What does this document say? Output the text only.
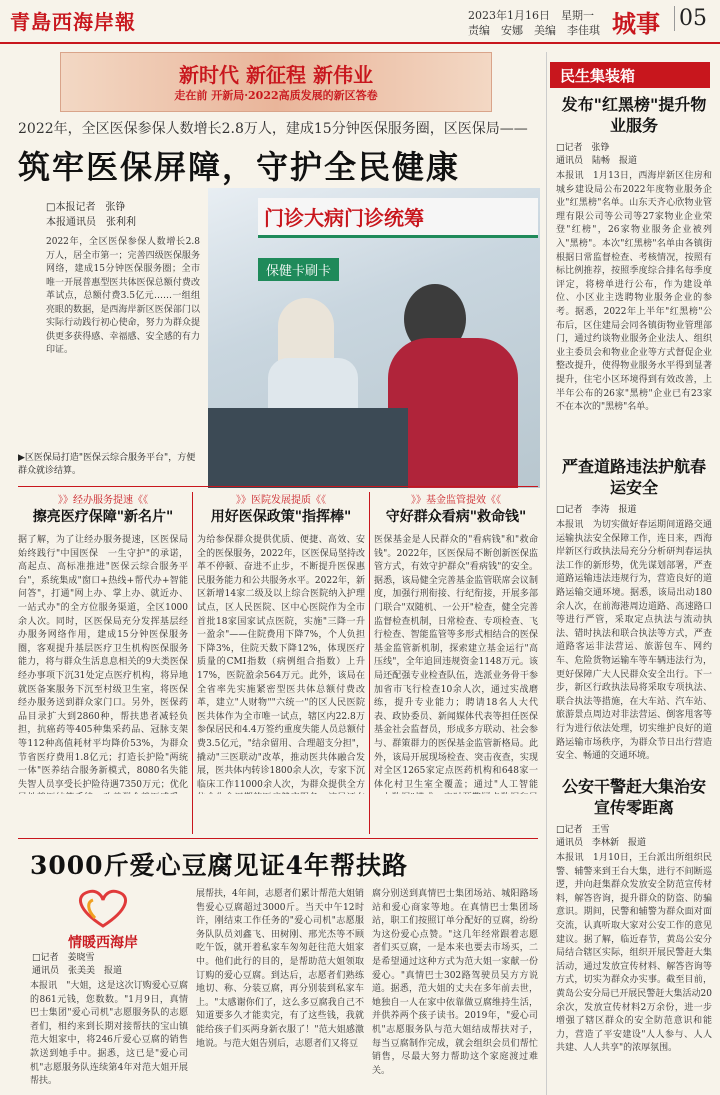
青島西海岸報	2023年1月16日　星期一
责编　安娜　美编　李佳琪 城事 05
新时代 新征程 新伟业
走在前 开新局·2022高质发展的新区答卷
2022年，全区医保参保人数增长2.8万人，建成15分钟医保服务圈，区医保局——
筑牢医保屏障，守护全民健康
□本报记者　张铮
本报通讯员　张利利
2022年，全区医保参保人数增长2.8万人，居全市第一；完善四级医保服务网络，建成15分钟医保服务圈；全市唯一开展普惠型医共体医保总额付费改革试点，总额付费3.5亿元……一组组亮眼的数据，是西海岸新区医保部门以实际行动践行初心使命，努力为群众提供更多获得感、幸福感、安全感的有力印证。
门诊大病门诊统筹
保健卡刷卡
▶区医保局打造"医保云综合服务平台"，方便群众就诊结算。
》》经办服务提速《《
擦亮医疗保障"新名片"
据了解，为了让经办服务提速，区医保局始终践行"中国医保　一生守护"的承诺，高起点、高标准推进"医保云综合服务平台"，系统集成"窗口+热线+帮代办+智能问答"，打通"网上办、掌上办、就近办、一站式办"的全方位服务渠道，全区1000余人次。同时，区医保局充分发挥基层经办服务网络作用，建成15分钟医保服务圈，客观提升基层医疗卫生机构医保服务能力，将与群众生活息息相关的9大类医保经办事项下沉31处定点医疗机构，将异地就医备案服务下沉至村级卫生室，将医保经办服务送到群众家门口。另外，医保药品目录扩大到2860种，帮扶患者减轻负担，抗癌药等405种集采药品、冠脉支架等112种高值耗材平均降价53%，为群众节省医疗费用1.8亿元；打造长护险"两统一体"医养结合服务新模式，8080名失能失智人员享受长护险待遇7350万元；优化
》》医院发展提质《《
用好医保政策"指挥棒"
为给参保群众提供优质、便捷、高效、安全的医保服务，2022年，区医保局坚持改革不停顿、奋进不止步，不断提升医保惠民服务能力和公共服务水平。2022年，新区新增14家二级及以上综合医院纳入护理试点，区人民医院、区中心医院作为全市首批18家国家试点医院，实施"三降一升一盈余"——住院费用下降7%，个人负担下降3%，住院天数下降12%，体现医疗质量的CMI指数（病例组合指数）上升17%，医院盈余564万元。此外，该局在全省率先实施紧密型医共体总额付费改革，建立"人财物""六统一"的区人民医院医共体作为全市唯一试点，辖区内22.8万参保居民和4.4万签约重度失能人员总额付费3.5亿元，"结余留用、合理超支分担"，撬动"三医联动"改革，推动医共体融合发展，医共体内转诊1800余人次，专家下沉临床工作11000余人次，为群众提供全方
》》基金监管提效《《
守好群众看病"救命钱"
医保基金是人民群众的"看病钱"和"救命钱"。2022年，区医保局不断创新医保监管方式，有效守护群众"看病钱"的安全。据悉，该局健全完善基金监管联席会议制度，加强行刑衔接、行纪衔接，开展多部门联合"双随机、一公开"检查，健全完善监督检查机制，日常检查、专项检查、飞行检查、智能监管等多形式相结合的医保基金监管新机制，探索建立基金运行"高压线"，全年追回违规资金1148万元。该局还配强专业检查队伍，选派业务骨干参加省市飞行检查10余人次，通过实战磨练，提升专业能力；聘请18名人大代表、政协委员、新闻媒体代表等担任医保基金社会监督员，形成多方联动、社会参与、群策群力的医保基金监管新格局。此外，该局开展现场检查、突击夜查，实现对全区1265家定点医药机构和648家一体化村卫生室全覆盖；通过"人工智能
3000斤爱心豆腐见证4年帮扶路
情暖西海岸
□记者　姜晓雪
通讯员　张美美　报道
本报讯　"大姐，这是这次订购爱心豆腐的861元钱，您数数。"1月9日，真情巴士集团"爱心司机"志愿服务队的志愿者们，相约来到长期对接帮扶的宝山镇范大姐家中，将246斤爱心豆腐的销售款送到她手中。据悉，这已是"爱心司机"志愿服务队连续第4年对范大姐开展帮扶。
展帮扶，4年间，志愿者们累计帮范大姐销售爱心豆腐超过3000斤。当天中午12时许，刚结束工作任务的"爱心司机"志愿服务队队员刘鑫飞、田树刚、邢光杰等不顾吃午饭，就开着私家车匆匆赶往范大姐家中。他们此行的目的，是帮助范大姐领取订购的爱心豆腐。到达后，志愿者们熟练地切、称、分装豆腐，再分别装到私家车上。"太感谢你们了，这么多豆腐我自己不知道要多久才能卖完，有了这些钱，我就能给孩子们买两身新衣服了！"范大姐感激地说。与范大姐告别后，志愿者们又将豆
腐分别送到真情巴士集团场站、城阳路场站和爱心商家等地。在真情巴士集团场站，职工们按照订单分配好的豆腐，纷纷为这份爱心点赞。"这几年经常跟着志愿者们买豆腐，一是本来也要去市场买，二是希望通过这种方式为范大姐一家献一份爱心。"真情巴士302路驾驶员吴方方说道。据悉，范大姐的丈夫在多年前去世，她独自一人在家中依靠做豆腐维持生活，并供养两个孩子读书。2019年，"爱心司机"志愿服务队与范大姐结成帮扶对子，每当豆腐制作完成，就会组织会员们帮忙销售，尽最大努力帮助这个家庭渡过难关。
民生集装箱
发布"红黑榜"提升物业服务
□记者　张铮
通讯员　陆畅　报道
本报讯　1月13日，西海岸新区住房和城乡建设局公布2022年度物业服务企业"红黑榜"名单。山东天齐心欣物业管理有限公司等公司等27家物业企业荣登"红榜"，26家物业服务企业被列入"黑榜"。本次"红黑榜"名单由各镇街根据日常监督检查、考核情况，按照有标比例推荐，按照季度综合排名每季度评定，将榜单进行公布，作为建设单位、小区业主选聘物业服务企业的参考。据悉，2022年上半年"红黑榜"公布后，区住建局会同各镇街物业管理部门，通过约谈物业服务企业法人、组织业主委员会和物业企业等方式督促企业整改提升，使得物业服务水平得到显著提升，住宅小区环境得到有效改善，上半年公布的26家"黑榜"企业已有23家不在本次的"黑榜"名单。
严查道路违法护航春运安全
□记者　李涛　报道
本报讯　为切实做好春运期间道路交通运输执法安全保障工作，连日来，西海岸新区行政执法局充分分析研判春运执法工作的新形势，优先谋划部署，严查道路运输违法违规行为，营造良好的道路运输交通环境。据悉，该局出动180余人次，在前海港周边道路、高速路口等进行严管，采取定点执法与流动执法、错时执法和联合执法等方式，严查道路客运非法营运、旅游包车、网约车、危险货物运输车等车辆违法行为，更好保障广大人民群众安全出行。下一步，新区行政执法局将采取专项执法、联合执法等措施，在大车站、汽车站、旅游景点周边对非法营运、倒客甩客等行为进行依法处理，切实维护良好的道路运输市场秩序，为群众节日出行营造安全、畅通的交通环境。
公安干警赶大集治安宣传零距离
□记者　王雪
通讯员　李林新　报道
本报讯　1月10日，王台派出所组织民警、辅警来到王台大集，进行不间断巡逻，并向赶集群众发放安全防范宣传材料，解答咨询，提升群众的防盗、防骗意识。期间，民警和辅警为群众面对面交流，认真听取大家对公安工作的意见建议。据了解，临近春节，黄岛公安分局结合辖区实际，组织开展民警赶大集活动，通过发放宣传材料、解答咨询等方式，切实为群众办实事。截至目前，黄岛公安分局已开展民警赶大集活动20余次，发放宣传材料2万余份，进一步增强了辖区群众的安全防范意识和能力，营造了平安建设"人人参与、人人共建、人人共享"的浓厚氛围。
